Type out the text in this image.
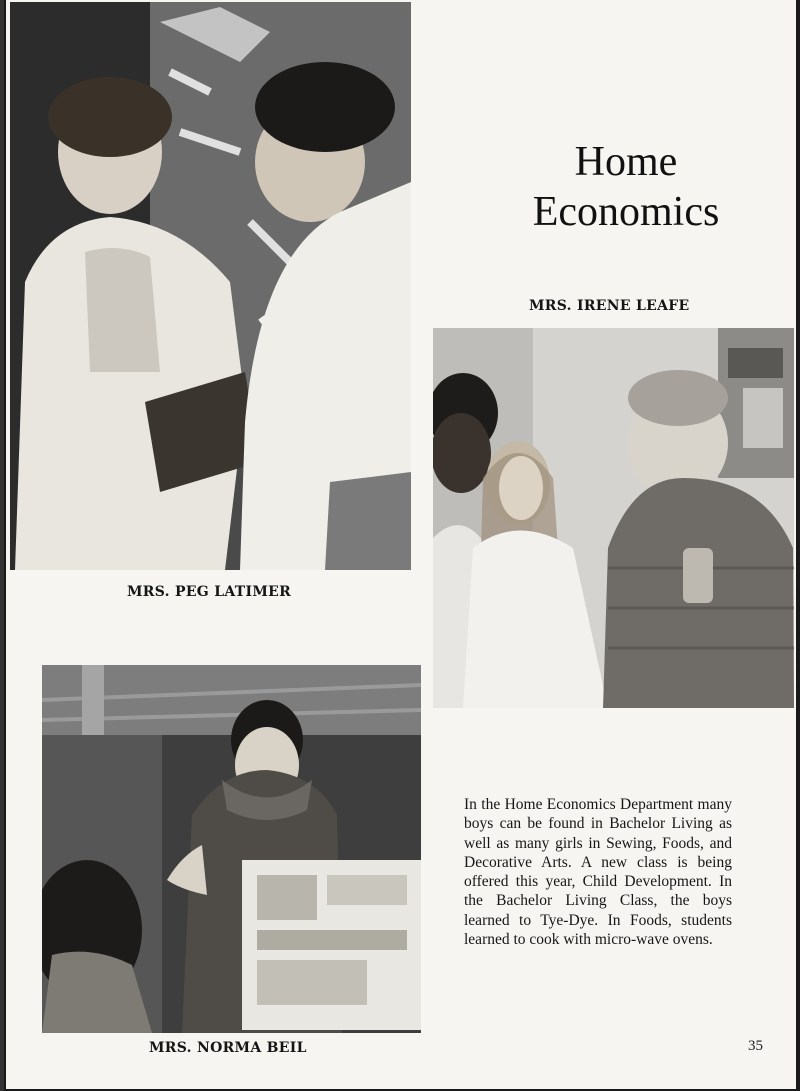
MRS. PEG LATIMER
Home
Economics
MRS. IRENE LEAFE
MRS. NORMA BEIL
In the Home Economics Department many boys can be found in Bachelor Living as well as many girls in Sewing, Foods, and Decorative Arts. A new class is being offered this year, Child Development. In the Bachelor Living Class, the boys learned to Tye-Dye. In Foods, students learned to cook with micro-wave ovens.
35
